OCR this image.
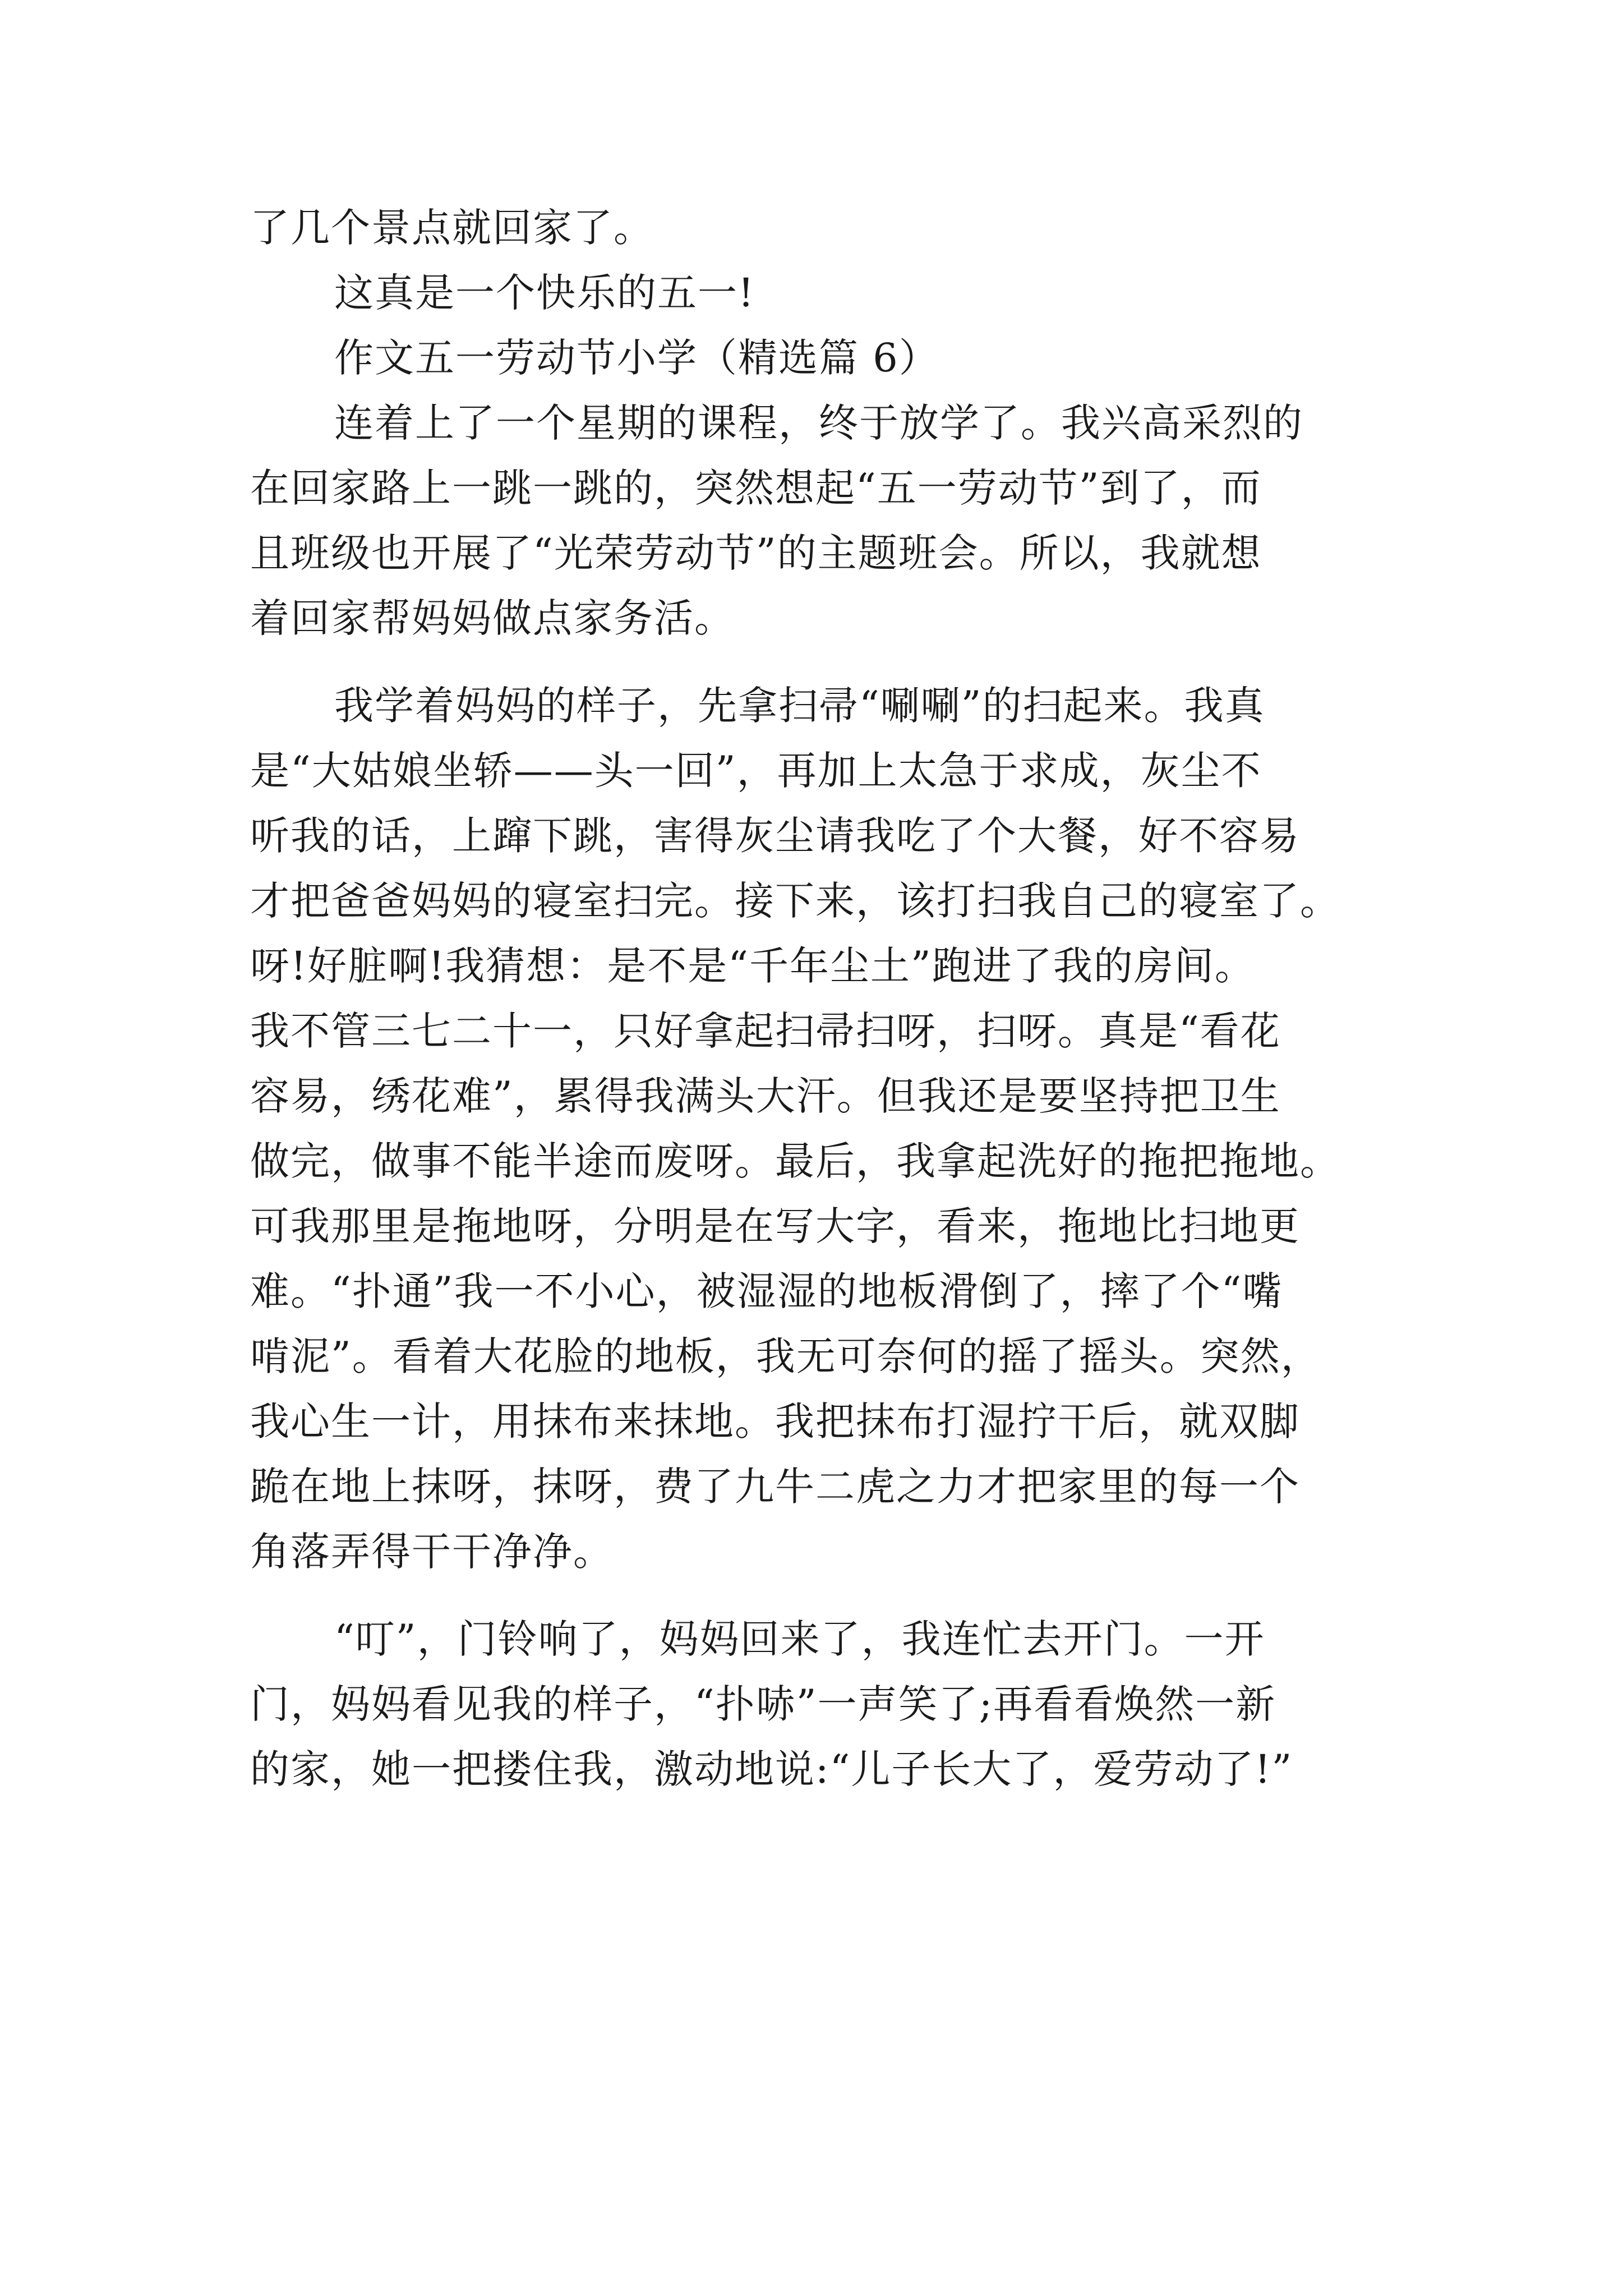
了几个景点就回家了。
这真是一个快乐的五一!
作文五一劳动节小学（精选篇 6）
连着上了一个星期的课程，终于放学了。我兴高采烈的
在回家路上一跳一跳的，突然想起“五一劳动节”到了，而
且班级也开展了“光荣劳动节”的主题班会。所以，我就想
着回家帮妈妈做点家务活。
我学着妈妈的样子，先拿扫帚“唰唰”的扫起来。我真
是“大姑娘坐轿——头一回”，再加上太急于求成，灰尘不
听我的话，上蹿下跳，害得灰尘请我吃了个大餐，好不容易
才把爸爸妈妈的寝室扫完。接下来，该打扫我自己的寝室了。
呀!好脏啊!我猜想：是不是“千年尘土”跑进了我的房间。
我不管三七二十一，只好拿起扫帚扫呀，扫呀。真是“看花
容易，绣花难”，累得我满头大汗。但我还是要坚持把卫生
做完，做事不能半途而废呀。最后，我拿起洗好的拖把拖地。
可我那里是拖地呀，分明是在写大字，看来，拖地比扫地更
难。“扑通”我一不小心，被湿湿的地板滑倒了，摔了个“嘴
啃泥”。看着大花脸的地板，我无可奈何的摇了摇头。突然，
我心生一计，用抹布来抹地。我把抹布打湿拧干后，就双脚
跪在地上抹呀，抹呀，费了九牛二虎之力才把家里的每一个
角落弄得干干净净。
“叮”，门铃响了，妈妈回来了，我连忙去开门。一开
门，妈妈看见我的样子，“扑哧”一声笑了;再看看焕然一新
的家，她一把搂住我，激动地说:“儿子长大了，爱劳动了!”
